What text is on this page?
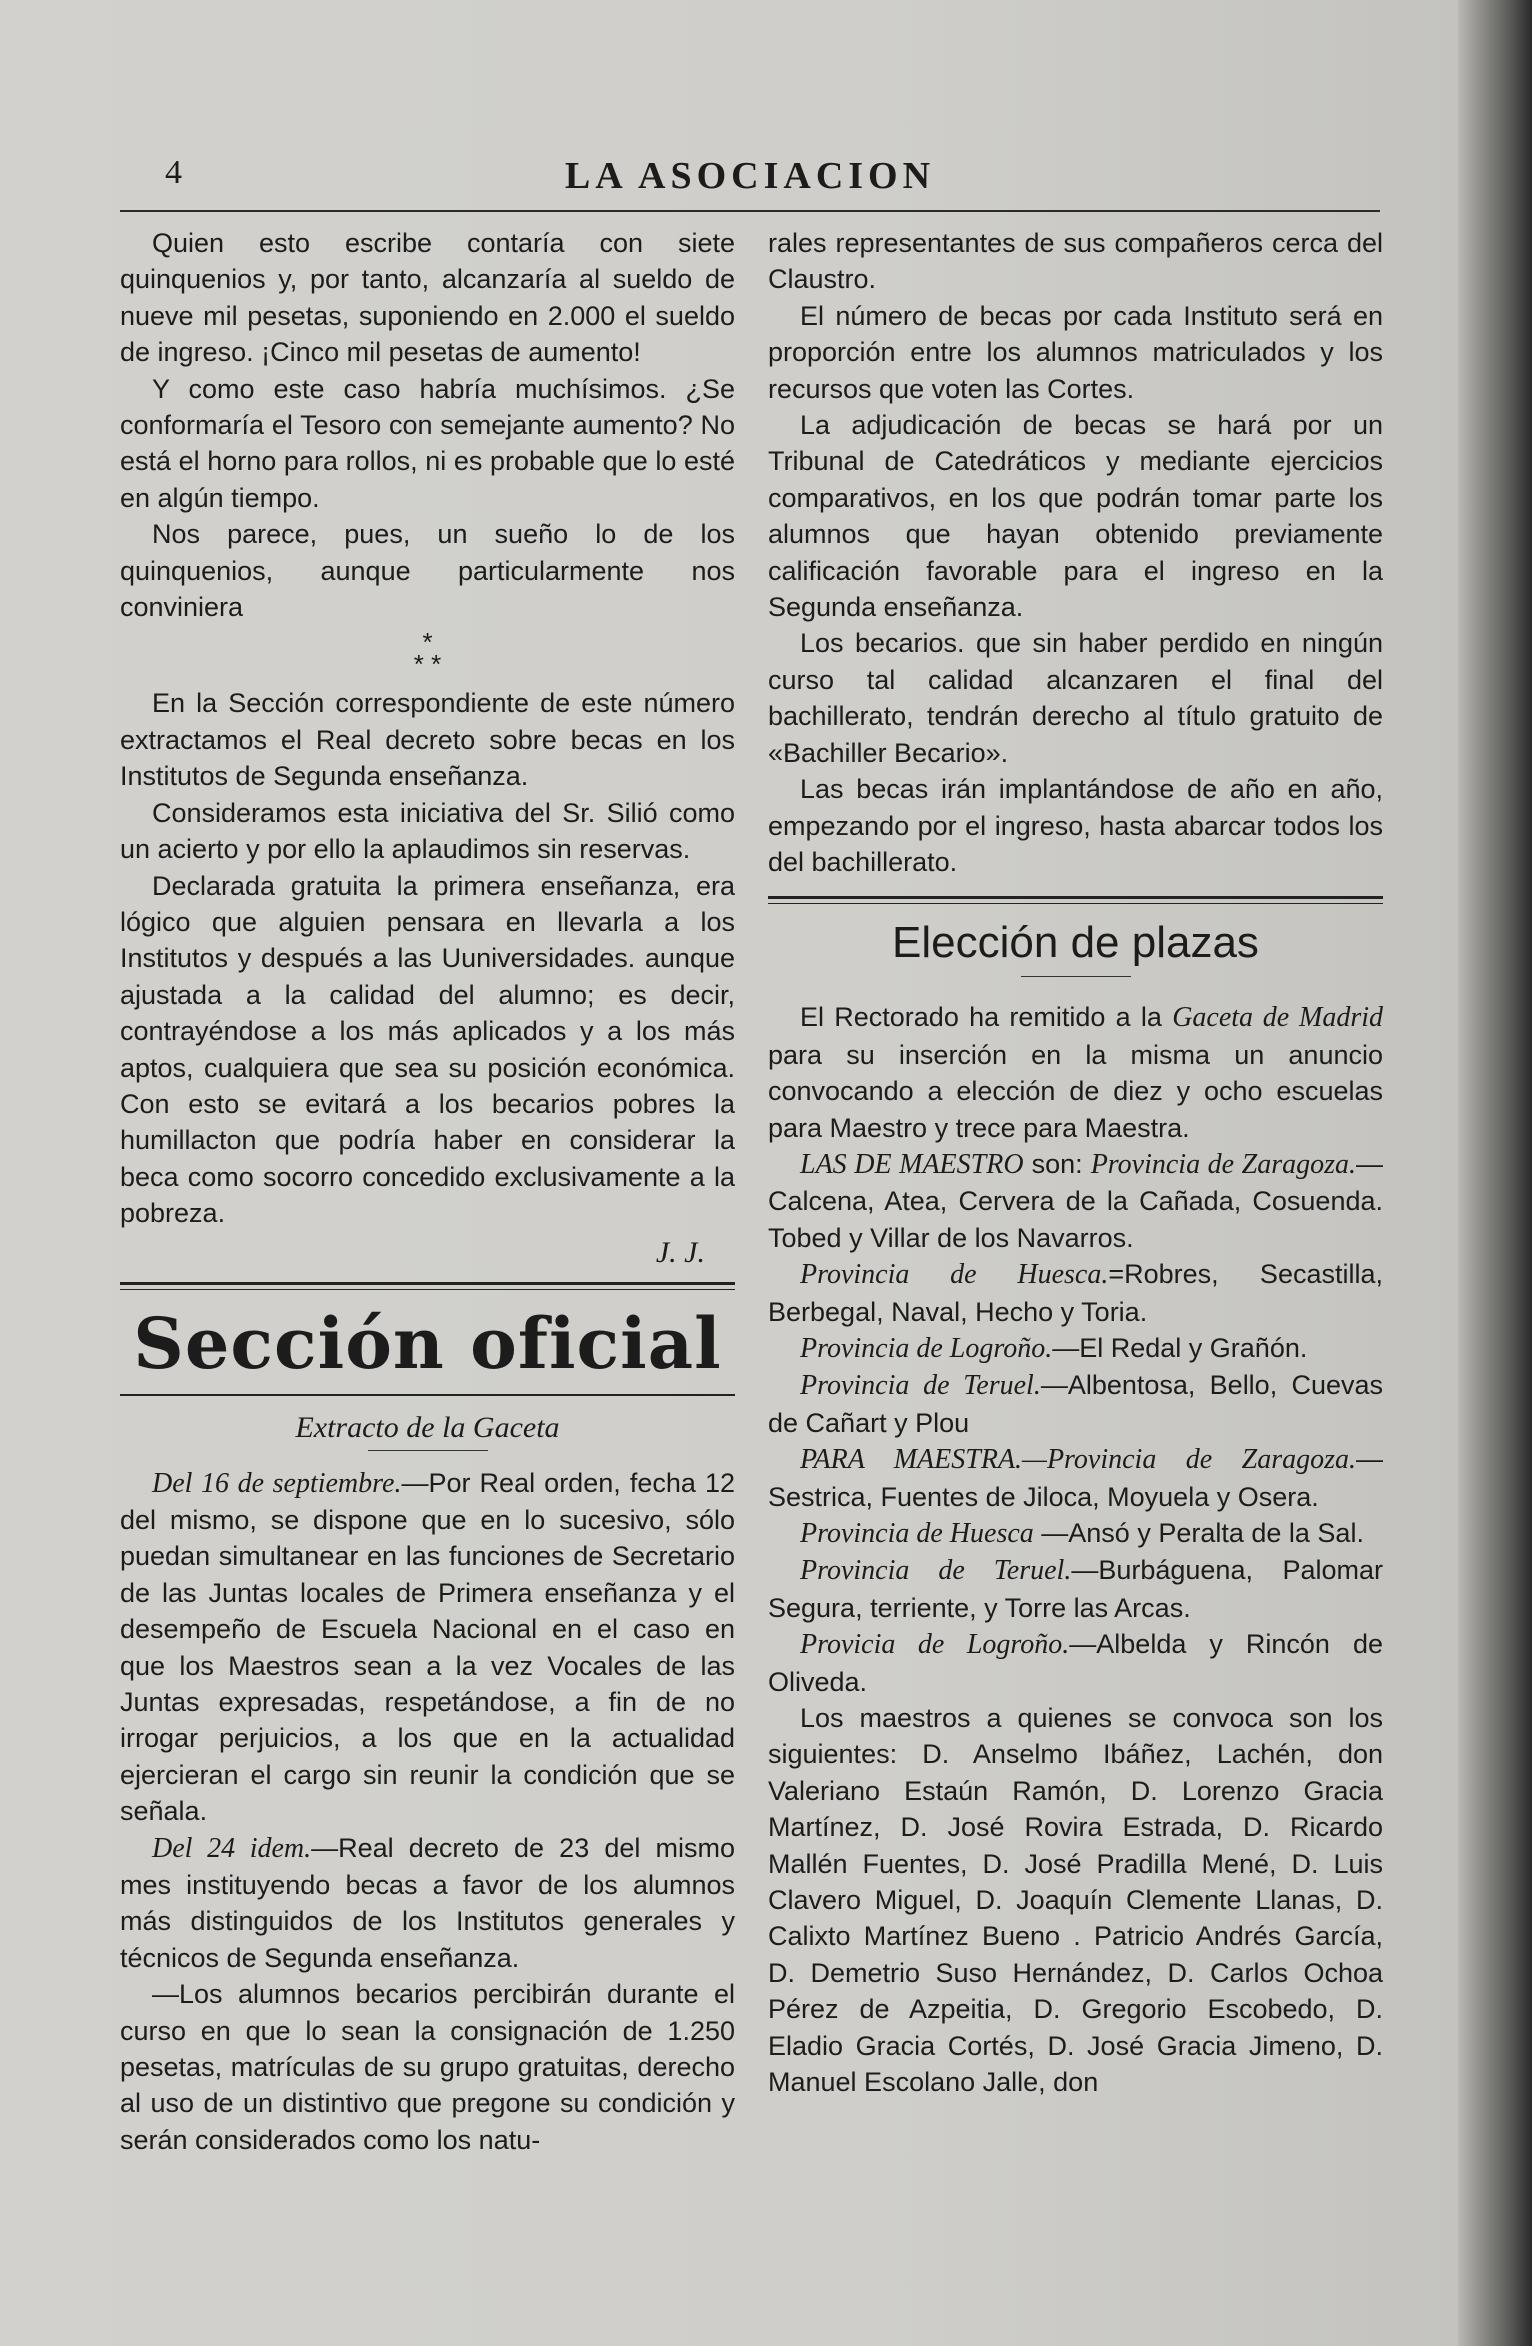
4	LA ASOCIACION

Quien esto escribe contaría con siete quinquenios y, por tanto, alcanzaría al sueldo de nueve mil pesetas, suponiendo en 2.000 el sueldo de ingreso. ¡Cinco mil pesetas de aumento!

Y como este caso habría muchísimos. ¿Se conformaría el Tesoro con semejante aumento? No está el horno para rollos, ni es probable que lo esté en algún tiempo.

Nos parece, pues, un sueño lo de los quinquenios, aunque particularmente nos conviniera

*
* *

En la Sección correspondiente de este número extractamos el Real decreto sobre becas en los Institutos de Segunda enseñanza.

Consideramos esta iniciativa del Sr. Silió como un acierto y por ello la aplaudimos sin reservas.

Declarada gratuita la primera enseñanza, era lógico que alguien pensara en llevarla a los Institutos y después a las Uuniversidades. aunque ajustada a la calidad del alumno; es decir, contrayéndose a los más aplicados y a los más aptos, cualquiera que sea su posición económica. Con esto se evitará a los becarios pobres la humillacton que podría haber en considerar la beca como socorro concedido exclusivamente a la pobreza.

J. J.
Sección oficial
Extracto de la Gaceta

Del 16 de septiembre.—Por Real orden, fecha 12 del mismo, se dispone que en lo sucesivo, sólo puedan simultanear en las funciones de Secretario de las Juntas locales de Primera enseñanza y el desempeño de Escuela Nacional en el caso en que los Maestros sean a la vez Vocales de las Juntas expresadas, respetándose, a fin de no irrogar perjuicios, a los que en la actualidad ejercieran el cargo sin reunir la condición que se señala.

Del 24 idem.—Real decreto de 23 del mismo mes instituyendo becas a favor de los alumnos más distinguidos de los Institutos generales y técnicos de Segunda enseñanza.

—Los alumnos becarios percibirán durante el curso en que lo sean la consignación de 1.250 pesetas, matrículas de su grupo gratuitas, derecho al uso de un distintivo que pregone su condición y serán considerados como los natu-

rales representantes de sus compañeros cerca del Claustro.

El número de becas por cada Instituto será en proporción entre los alumnos matriculados y los recursos que voten las Cortes.

La adjudicación de becas se hará por un Tribunal de Catedráticos y mediante ejercicios comparativos, en los que podrán tomar parte los alumnos que hayan obtenido previamente calificación favorable para el ingreso en la Segunda enseñanza.

Los becarios. que sin haber perdido en ningún curso tal calidad alcanzaren el final del bachillerato, tendrán derecho al título gratuito de «Bachiller Becario».

Las becas irán implantándose de año en año, empezando por el ingreso, hasta abarcar todos los del bachillerato.

Elección de plazas

El Rectorado ha remitido a la Gaceta de Madrid para su inserción en la misma un anuncio convocando a elección de diez y ocho escuelas para Maestro y trece para Maestra.

LAS DE MAESTRO son: Provincia de Zaragoza.—Calcena, Atea, Cervera de la Cañada, Cosuenda. Tobed y Villar de los Navarros.

Provincia de Huesca.=Robres, Secastilla, Berbegal, Naval, Hecho y Toria.

Provincia de Logroño.—El Redal y Grañón.

Provincia de Teruel.—Albentosa, Bello, Cuevas de Cañart y Plou

PARA MAESTRA.—Provincia de Zaragoza.—Sestrica, Fuentes de Jiloca, Moyuela y Osera.

Provincia de Huesca —Ansó y Peralta de la Sal.

Provincia de Teruel.—Burbáguena, Palomar Segura, terriente, y Torre las Arcas.

Provicia de Logroño.—Albelda y Rincón de Oliveda.

Los maestros a quienes se convoca son los siguientes: D. Anselmo Ibáñez, Lachén, don Valeriano Estaún Ramón, D. Lorenzo Gracia Martínez, D. José Rovira Estrada, D. Ricardo Mallén Fuentes, D. José Pradilla Mené, D. Luis Clavero Miguel, D. Joaquín Clemente Llanas, D. Calixto Martínez Bueno . Patricio Andrés García, D. Demetrio Suso Hernández, D. Carlos Ochoa Pérez de Azpeitia, D. Gregorio Escobedo, D. Eladio Gracia Cortés, D. José Gracia Jimeno, D. Manuel Escolano Jalle, don
